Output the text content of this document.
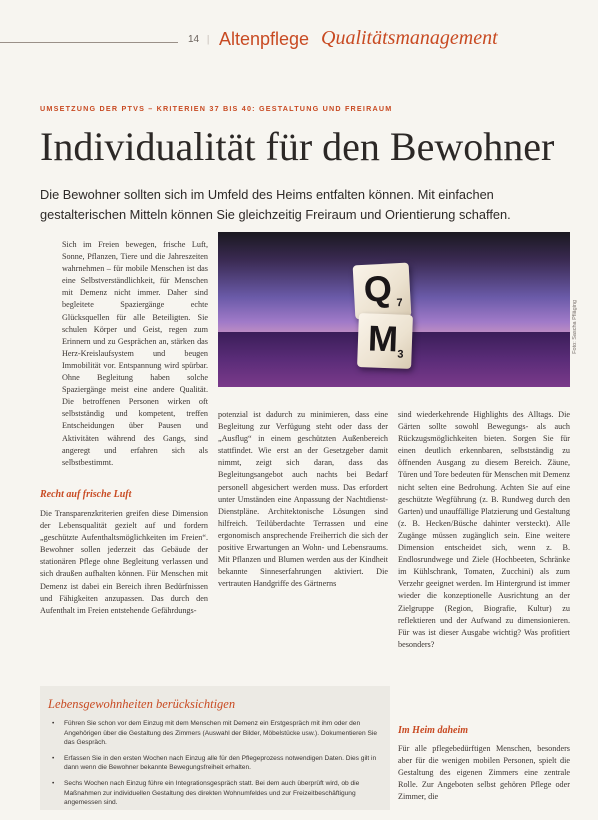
14 | Altenpflege Qualitätsmanagement
UMSETZUNG DER PTVS – KRITERIEN 37 BIS 40: GESTALTUNG UND FREIRAUM
Individualität für den Bewohner
Die Bewohner sollten sich im Umfeld des Heims entfalten können. Mit einfachen gestalterischen Mitteln können Sie gleichzeitig Freiraum und Orientierung schaffen.
Q 7
M
3
Foto: Sascha Pfläging

Sich im Freien bewegen, frische Luft, Sonne, Pflanzen, Tiere und die Jahreszeiten wahrnehmen – für mobile Menschen ist das eine Selbstverständlichkeit, für Menschen mit Demenz nicht immer. Daher sind begleitete Spaziergänge echte Glücksquellen für alle Beteiligten. Sie schulen Körper und Geist, regen zum Erinnern und zu Gesprächen an, stärken das Herz-Kreislaufsystem und beugen Immobilität vor. Entspannung wird spürbar. Ohne Begleitung haben solche Spaziergänge meist eine andere Qualität. Die betroffenen Personen wirken oft selbstständig und kompetent, treffen Entscheidungen über Pausen und Aktivitäten während des Gangs, sind angeregt und erfahren sich als selbstbestimmt.

Recht auf frische Luft

Die Transparenzkriterien greifen diese Dimension der Lebensqualität gezielt auf und fordern „geschützte Aufenthaltsmöglichkeiten im Freien“. Bewohner sollen jederzeit das Gebäude der stationären Pflege ohne Begleitung verlassen und sich draußen aufhalten können. Für Menschen mit Demenz ist dabei ein Bereich ihren Bedürfnissen und Fähigkeiten anzupassen. Das durch den Aufenthalt im Freien entstehende Gefährdungs-

potenzial ist dadurch zu minimieren, dass eine Begleitung zur Verfügung steht oder dass der „Ausflug“ in einem geschützten Außenbereich stattfindet. Wie erst an der Gesetzgeber damit nimmt, zeigt sich daran, dass das Begleitungsangebot auch nachts bei Bedarf personell abgesichert werden muss. Das erfordert unter Umständen eine Anpassung der Nachtdienst-Dienstpläne. Architektonische Lösungen sind hilfreich. Teilüberdachte Terrassen und eine ergonomisch ansprechende Freiherrich die sich der positive Erwartungen an Wohn- und Lebensraums. Mit Pflanzen und Blumen werden aus der Kindheit bekannte Sinneserfahrungen aktiviert. Die vertrauten Handgriffe des Gärtnerns

sind wiederkehrende Highlights des Alltags. Die Gärten sollte sowohl Bewegungs- als auch Rückzugsmöglichkeiten bieten. Sorgen Sie für einen deutlich erkennbaren, selbstständig zu öffnenden Ausgang zu diesem Bereich. Zäune, Türen und Tore bedeuten für Menschen mit Demenz nicht selten eine Bedrohung. Achten Sie auf eine geschützte Wegführung (z. B. Rundweg durch den Garten) und unauffällige Platzierung und Gestaltung (z. B. Hecken/Büsche dahinter versteckt). Alle Zugänge müssen zugänglich sein. Eine weitere Dimension entscheidet sich, wenn z. B. Endlosrundwege und Ziele (Hochbeeten, Schränke im Kühlschrank, Tomaten, Zucchini) als zum Verzehr geeignet werden. Im Hintergrund ist immer wieder die konzeptionelle Ausrichtung an der Zielgruppe (Region, Biografie, Kultur) zu reflektieren und der Aufwand zu dimensionieren. Für was ist dieser Ausgabe wichtig? Was profitiert besonders?

Im Heim daheim

Für alle pflegebedürftigen Menschen, besonders aber für die wenigen mobilen Personen, spielt die Gestaltung des eigenen Zimmers eine zentrale Rolle. Zur Angeboten selbst gehören Pflege oder Zimmer, die

Lebensgewohnheiten berücksichtigen
• Führen Sie schon vor dem Einzug mit dem Menschen mit Demenz ein Erstgespräch mit ihm oder den Angehörigen über die Gestaltung des Zimmers (Auswahl der Bilder, Möbelstücke usw.). Dokumentieren Sie das Gespräch.
• Erfassen Sie in den ersten Wochen nach Einzug alle für den Pflegeprozess notwendigen Daten. Dies gilt in dann wenn die Bewohner bekannte Bewegungsfreiheit erhalten.
• Sechs Wochen nach Einzug führe ein Integrationsgespräch statt. Bei dem auch überprüft wird, ob die Maßnahmen zur individuellen Gestaltung des direkten Wohnumfeldes und zur Freizeitbeschäftigung angemessen sind.
